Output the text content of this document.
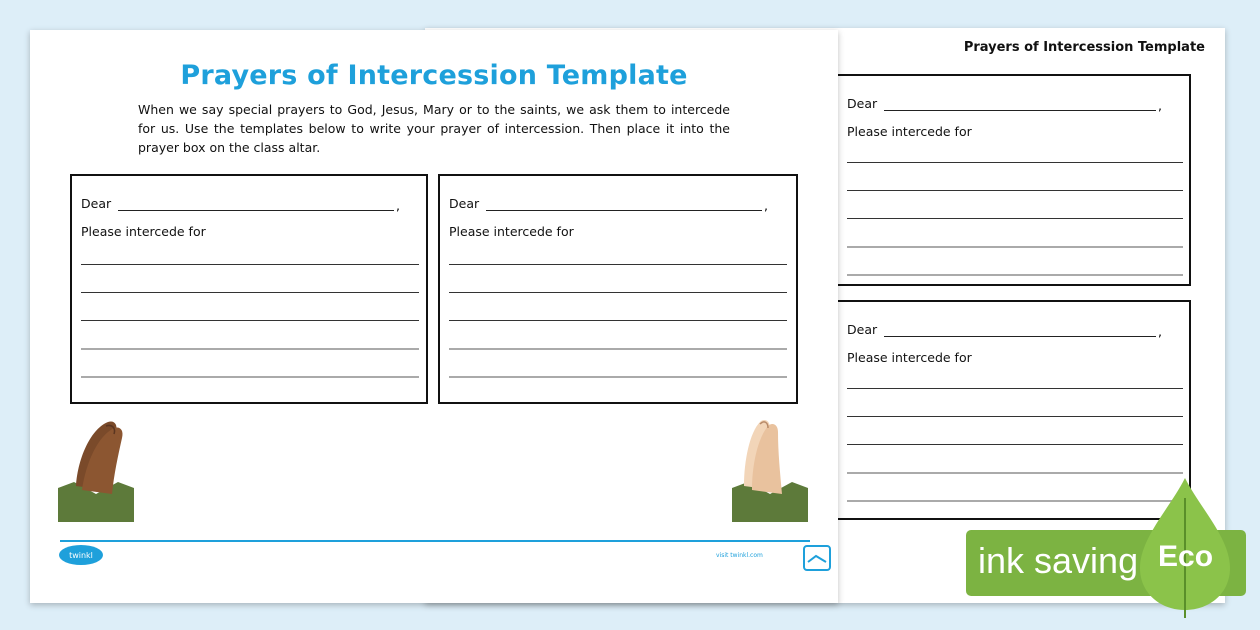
Prayers of Intercession Template
Dear	,
Please intercede for
Dear	,
Please intercede for
Prayers of Intercession Template
When we say special prayers to God, Jesus, Mary or to the saints, we ask them to intercede for us. Use the templates below to write your prayer of intercession. Then place it into the prayer box on the class altar.
Dear	,
Please intercede for
Dear	,
Please intercede for
twinkl	visit twinkl.com	ink saving Eco
